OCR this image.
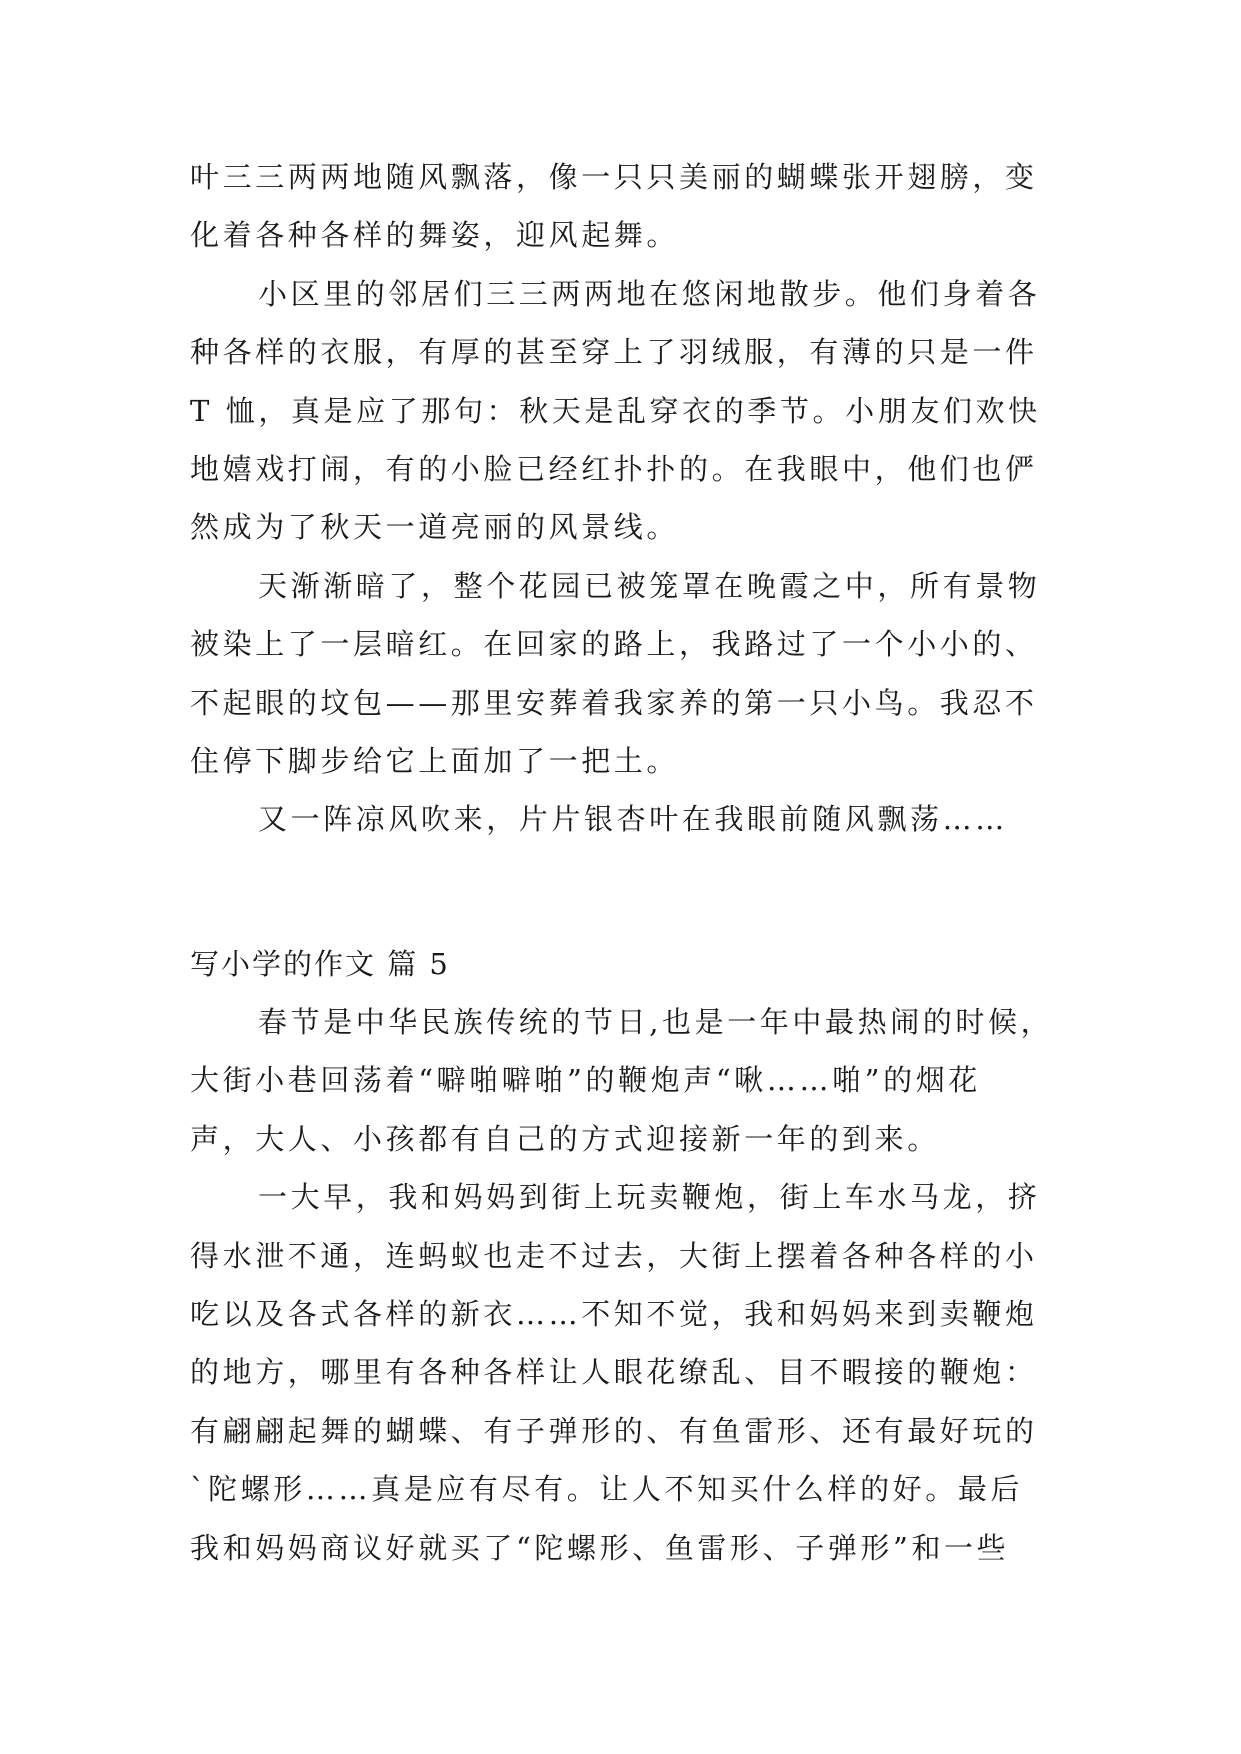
叶三三两两地随风飘落，像一只只美丽的蝴蝶张开翅膀，变
化着各种各样的舞姿，迎风起舞。
小区里的邻居们三三两两地在悠闲地散步。他们身着各
种各样的衣服，有厚的甚至穿上了羽绒服，有薄的只是一件
T 恤，真是应了那句：秋天是乱穿衣的季节。小朋友们欢快
地嬉戏打闹，有的小脸已经红扑扑的。在我眼中，他们也俨
然成为了秋天一道亮丽的风景线。
天渐渐暗了，整个花园已被笼罩在晚霞之中，所有景物
被染上了一层暗红。在回家的路上，我路过了一个小小的、
不起眼的坟包——那里安葬着我家养的第一只小鸟。我忍不
住停下脚步给它上面加了一把土。
又一阵凉风吹来，片片银杏叶在我眼前随风飘荡……
写小学的作文 篇 5
春节是中华民族传统的节日,也是一年中最热闹的时候，
大街小巷回荡着“噼啪噼啪”的鞭炮声“啾……啪”的烟花
声，大人、小孩都有自己的方式迎接新一年的到来。
一大早，我和妈妈到街上玩卖鞭炮，街上车水马龙，挤
得水泄不通，连蚂蚁也走不过去，大街上摆着各种各样的小
吃以及各式各样的新衣……不知不觉，我和妈妈来到卖鞭炮
的地方，哪里有各种各样让人眼花缭乱、目不暇接的鞭炮：
有翩翩起舞的蝴蝶、有子弹形的、有鱼雷形、还有最好玩的
`陀螺形……真是应有尽有。让人不知买什么样的好。最后
我和妈妈商议好就买了“陀螺形、鱼雷形、子弹形”和一些
